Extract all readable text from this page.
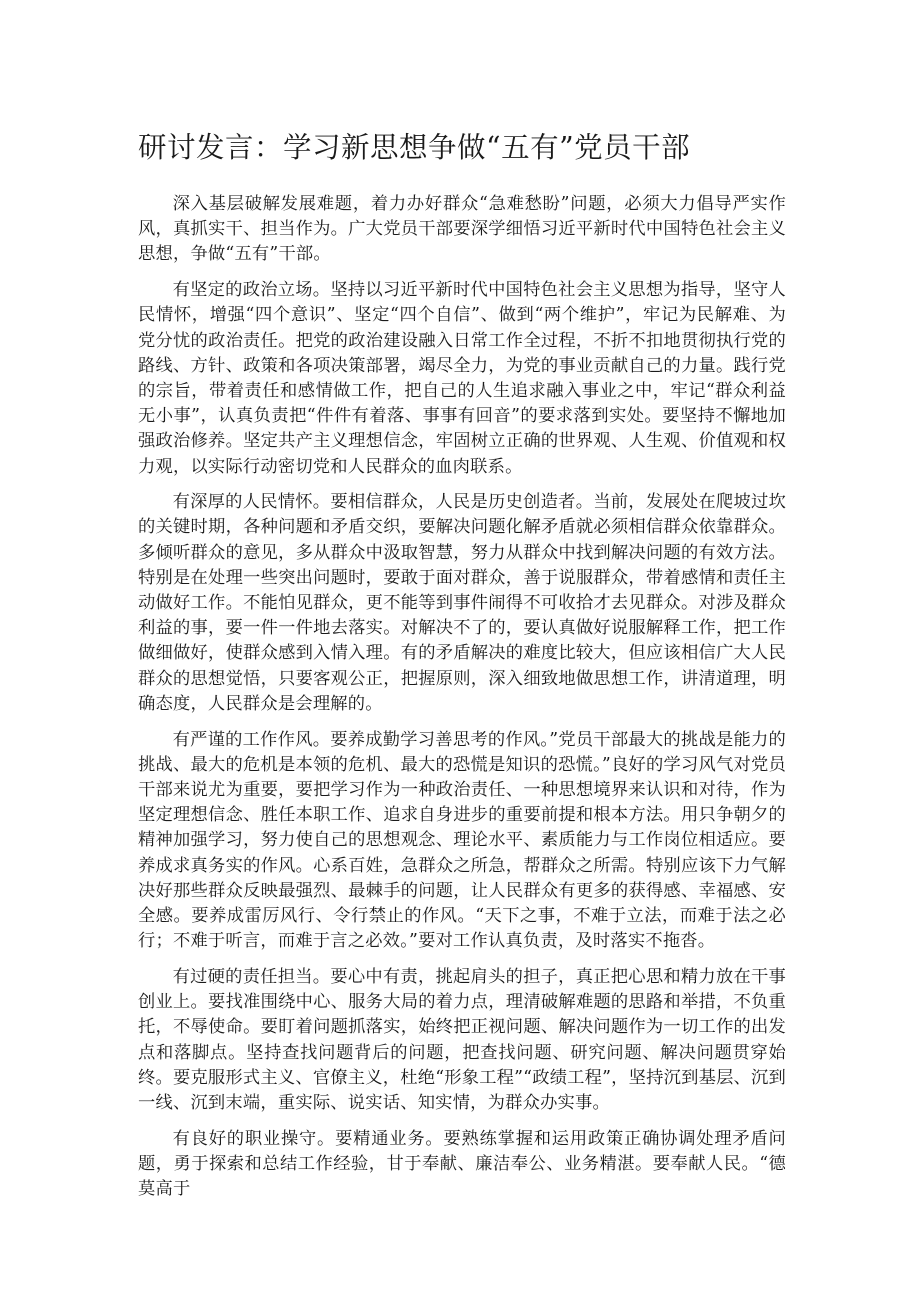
研讨发言：学习新思想争做“五有”党员干部

深入基层破解发展难题，着力办好群众“急难愁盼”问题，必须大力倡导严实作风，真抓实干、担当作为。广大党员干部要深学细悟习近平新时代中国特色社会主义思想，争做“五有”干部。

有坚定的政治立场。坚持以习近平新时代中国特色社会主义思想为指导，坚守人民情怀，增强“四个意识”、坚定“四个自信”、做到“两个维护”，牢记为民解难、为党分忧的政治责任。把党的政治建设融入日常工作全过程，不折不扣地贯彻执行党的路线、方针、政策和各项决策部署，竭尽全力，为党的事业贡献自己的力量。践行党的宗旨，带着责任和感情做工作，把自己的人生追求融入事业之中，牢记“群众利益无小事”，认真负责把“件件有着落、事事有回音”的要求落到实处。要坚持不懈地加强政治修养。坚定共产主义理想信念，牢固树立正确的世界观、人生观、价值观和权力观，以实际行动密切党和人民群众的血肉联系。

有深厚的人民情怀。要相信群众，人民是历史创造者。当前，发展处在爬坡过坎的关键时期，各种问题和矛盾交织，要解决问题化解矛盾就必须相信群众依靠群众。多倾听群众的意见，多从群众中汲取智慧，努力从群众中找到解决问题的有效方法。特别是在处理一些突出问题时，要敢于面对群众，善于说服群众，带着感情和责任主动做好工作。不能怕见群众，更不能等到事件闹得不可收拾才去见群众。对涉及群众利益的事，要一件一件地去落实。对解决不了的，要认真做好说服解释工作，把工作做细做好，使群众感到入情入理。有的矛盾解决的难度比较大，但应该相信广大人民群众的思想觉悟，只要客观公正，把握原则，深入细致地做思想工作，讲清道理，明确态度，人民群众是会理解的。

有严谨的工作作风。要养成勤学习善思考的作风。”党员干部最大的挑战是能力的挑战、最大的危机是本领的危机、最大的恐慌是知识的恐慌。”良好的学习风气对党员干部来说尤为重要，要把学习作为一种政治责任、一种思想境界来认识和对待，作为坚定理想信念、胜任本职工作、追求自身进步的重要前提和根本方法。用只争朝夕的精神加强学习，努力使自己的思想观念、理论水平、素质能力与工作岗位相适应。要养成求真务实的作风。心系百姓，急群众之所急，帮群众之所需。特别应该下力气解决好那些群众反映最强烈、最棘手的问题，让人民群众有更多的获得感、幸福感、安全感。要养成雷厉风行、令行禁止的作风。“天下之事，不难于立法，而难于法之必行；不难于听言，而难于言之必效。”要对工作认真负责，及时落实不拖沓。

有过硬的责任担当。要心中有责，挑起肩头的担子，真正把心思和精力放在干事创业上。要找准围绕中心、服务大局的着力点，理清破解难题的思路和举措，不负重托，不辱使命。要盯着问题抓落实，始终把正视问题、解决问题作为一切工作的出发点和落脚点。坚持查找问题背后的问题，把查找问题、研究问题、解决问题贯穿始终。要克服形式主义、官僚主义，杜绝“形象工程”“政绩工程”，坚持沉到基层、沉到一线、沉到末端，重实际、说实话、知实情，为群众办实事。

有良好的职业操守。要精通业务。要熟练掌握和运用政策正确协调处理矛盾问题，勇于探索和总结工作经验，甘于奉献、廉洁奉公、业务精湛。要奉献人民。“德莫高于
